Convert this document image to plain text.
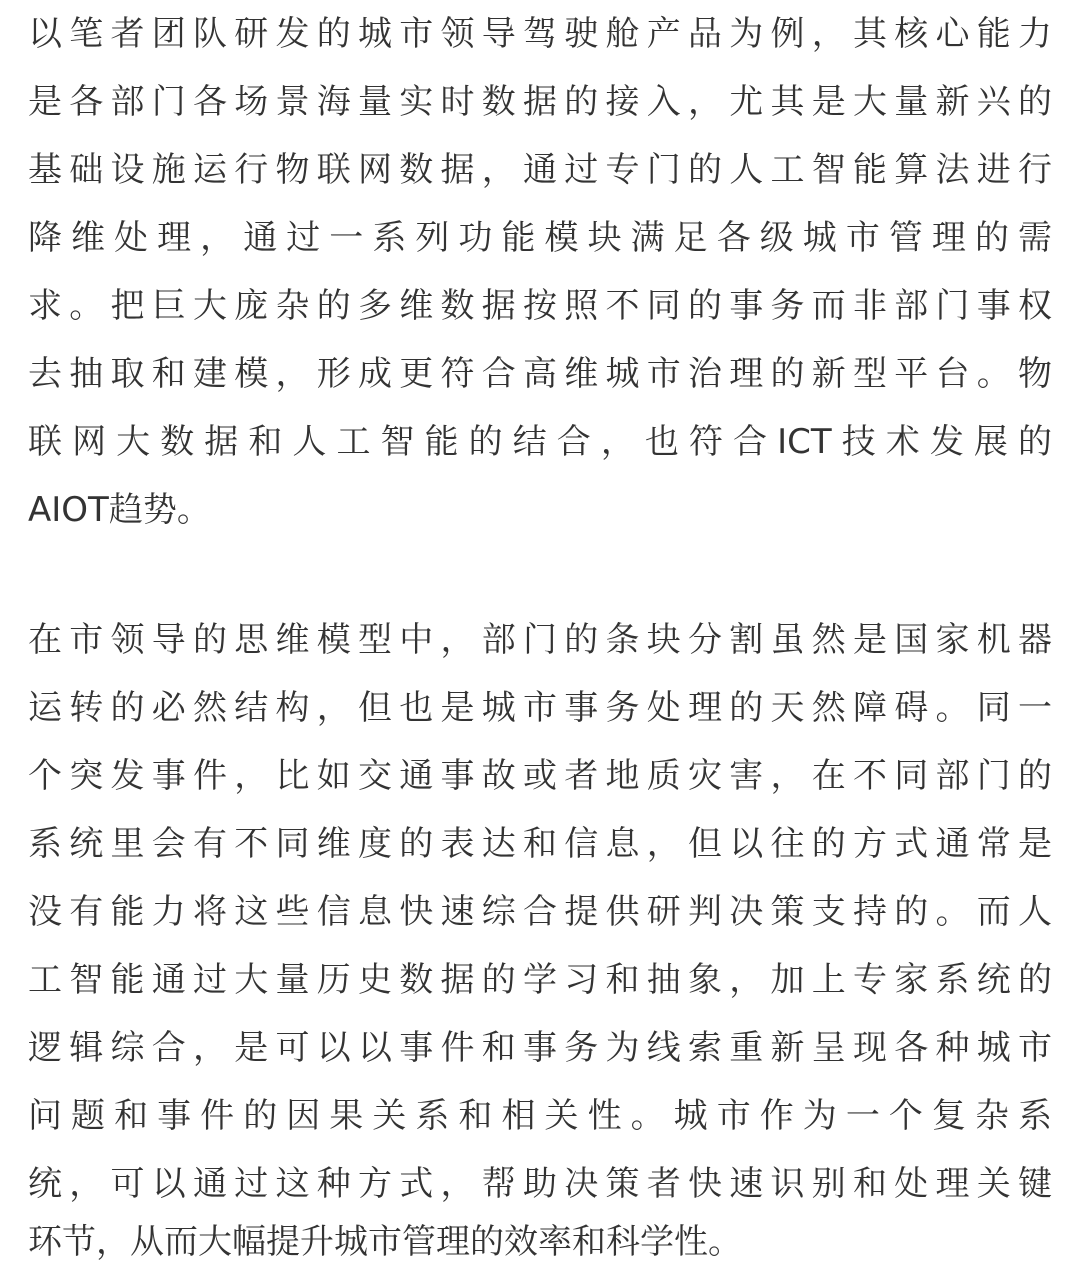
以笔者团队研发的城市领导驾驶舱产品为例，其核心能力
是各部门各场景海量实时数据的接入，尤其是大量新兴的
基础设施运行物联网数据，通过专门的人工智能算法进行
降维处理，通过一系列功能模块满足各级城市管理的需
求。把巨大庞杂的多维数据按照不同的事务而非部门事权
去抽取和建模，形成更符合高维城市治理的新型平台。物
联网大数据和人工智能的结合，也符合ICT技术发展的
AIOT趋势。
在市领导的思维模型中，部门的条块分割虽然是国家机器
运转的必然结构，但也是城市事务处理的天然障碍。同一
个突发事件，比如交通事故或者地质灾害，在不同部门的
系统里会有不同维度的表达和信息，但以往的方式通常是
没有能力将这些信息快速综合提供研判决策支持的。而人
工智能通过大量历史数据的学习和抽象，加上专家系统的
逻辑综合，是可以以事件和事务为线索重新呈现各种城市
问题和事件的因果关系和相关性。城市作为一个复杂系
统，可以通过这种方式，帮助决策者快速识别和处理关键
环节，从而大幅提升城市管理的效率和科学性。
